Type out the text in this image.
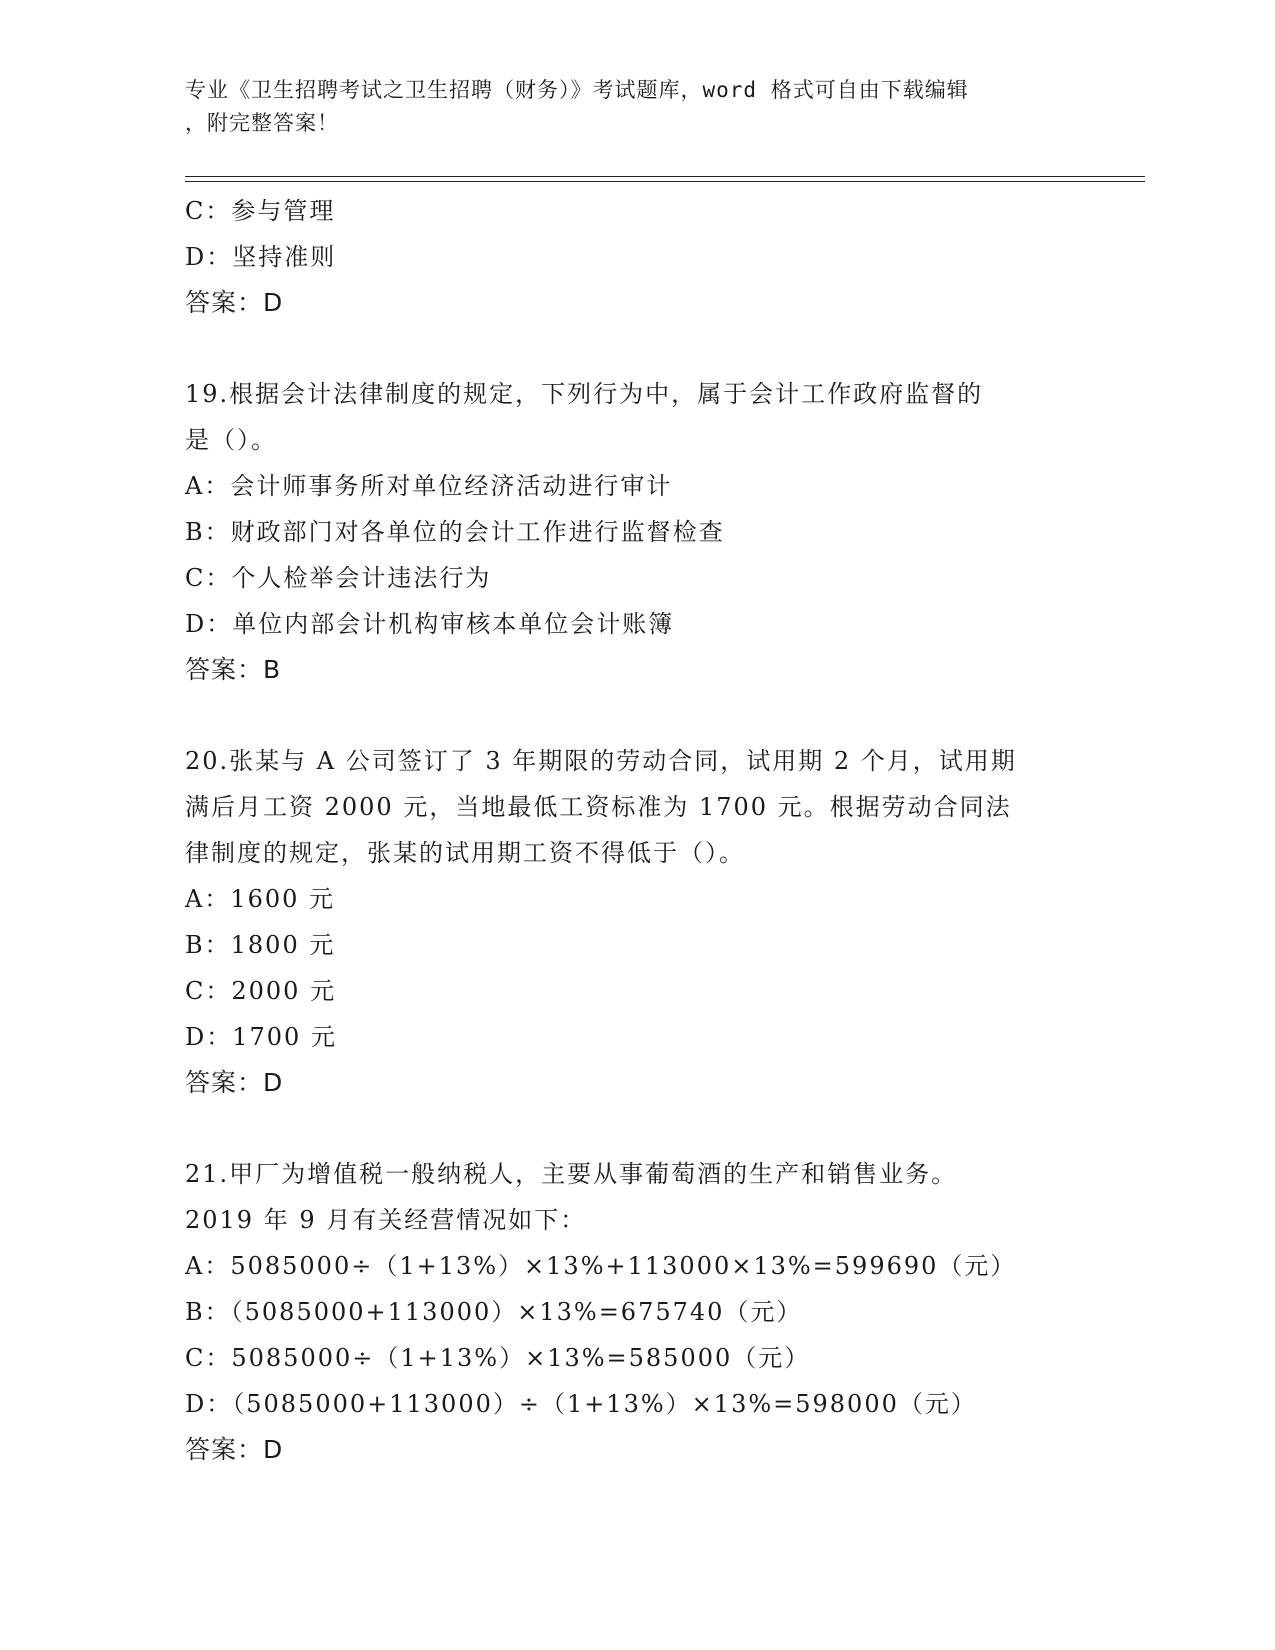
专业《卫生招聘考试之卫生招聘（财务）》考试题库，word 格式可自由下载编辑
，附完整答案！
C：参与管理
D：坚持准则
答案：D
19.根据会计法律制度的规定，下列行为中，属于会计工作政府监督的
是（）。
A：会计师事务所对单位经济活动进行审计
B：财政部门对各单位的会计工作进行监督检查
C：个人检举会计违法行为
D：单位内部会计机构审核本单位会计账簿
答案：B
20.张某与 A 公司签订了 3 年期限的劳动合同，试用期 2 个月，试用期
满后月工资 2000 元，当地最低工资标准为 1700 元。根据劳动合同法
律制度的规定，张某的试用期工资不得低于（）。
A：1600 元
B：1800 元
C：2000 元
D：1700 元
答案：D
21.甲厂为增值税一般纳税人，主要从事葡萄酒的生产和销售业务。
2019 年 9 月有关经营情况如下：
A：5085000÷（1+13%）×13%+113000×13%=599690（元）
B：（5085000+113000）×13%=675740（元）
C：5085000÷（1+13%）×13%=585000（元）
D：（5085000+113000）÷（1+13%）×13%=598000（元）
答案：D
